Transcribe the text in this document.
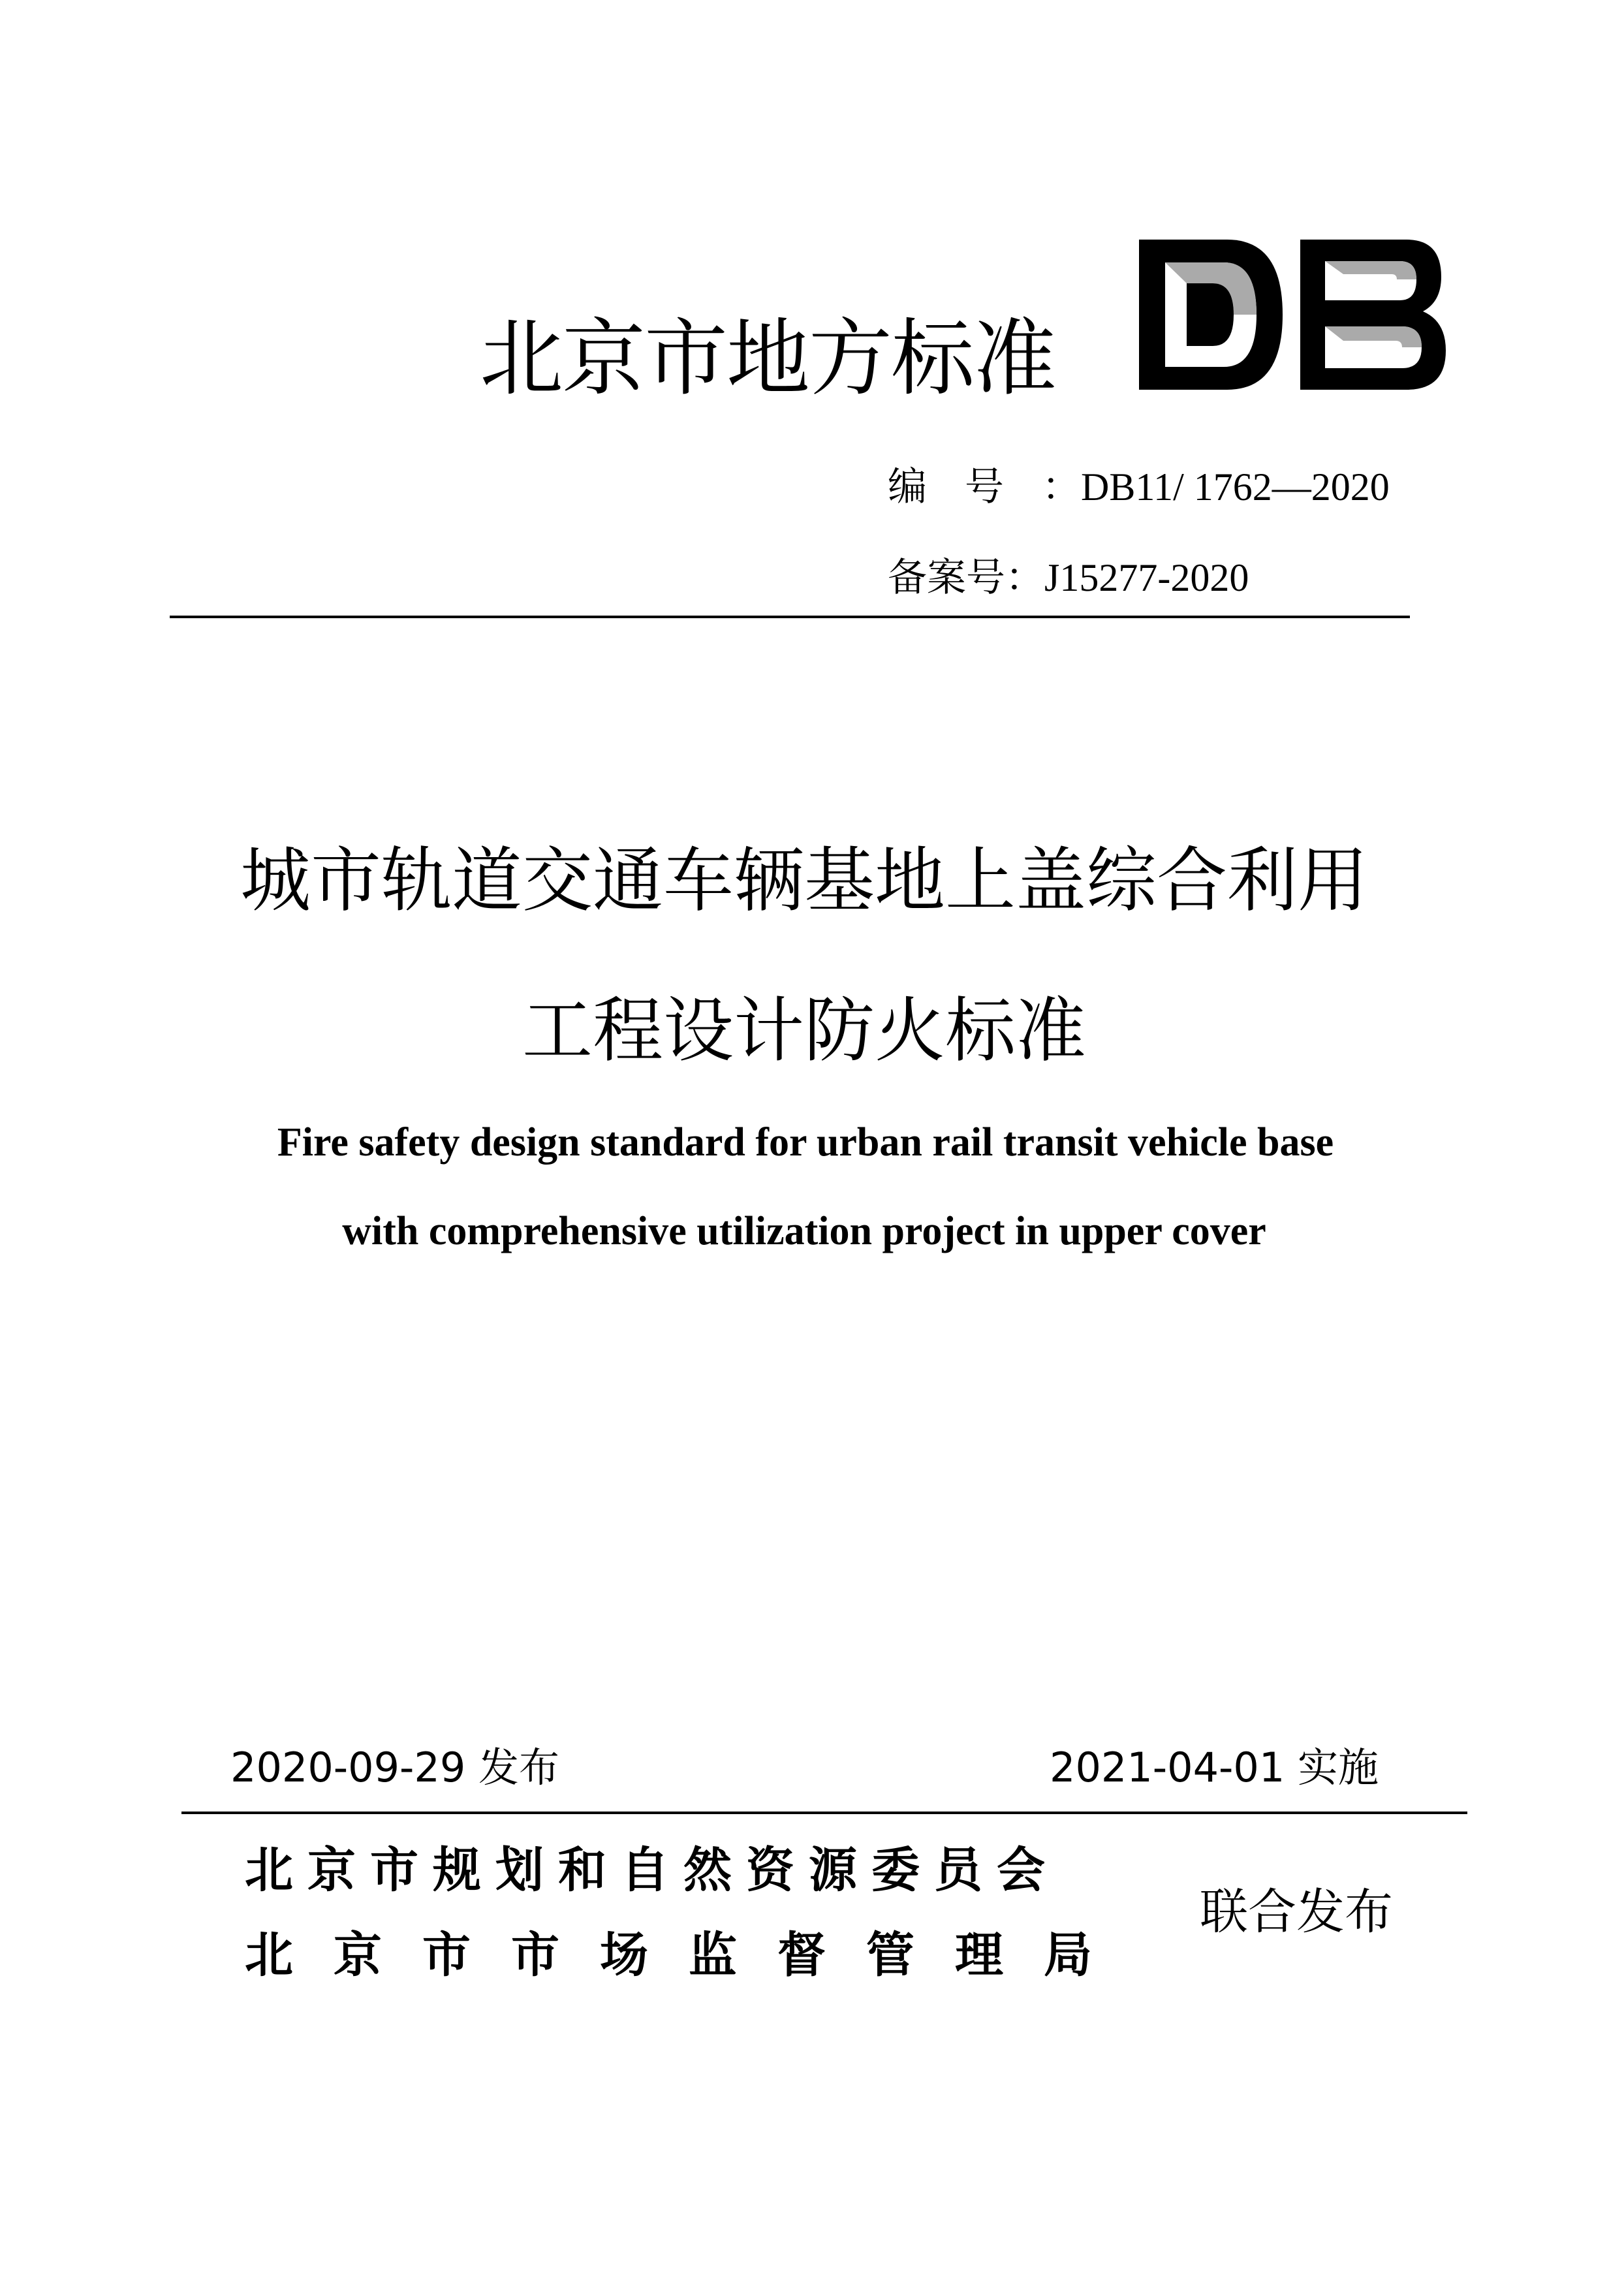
北京市地方标准
编号：DB11/ 1762—2020
备案号：J15277-2020
城市轨道交通车辆基地上盖综合利用
工程设计防火标准
Fire safety design standard for urban rail transit vehicle base
with comprehensive utilization project in upper cover
2020-09-29 发布	2021-04-01 实施
北京市规划和自然资源委员会
北京市市场监督管理局
联合发布
